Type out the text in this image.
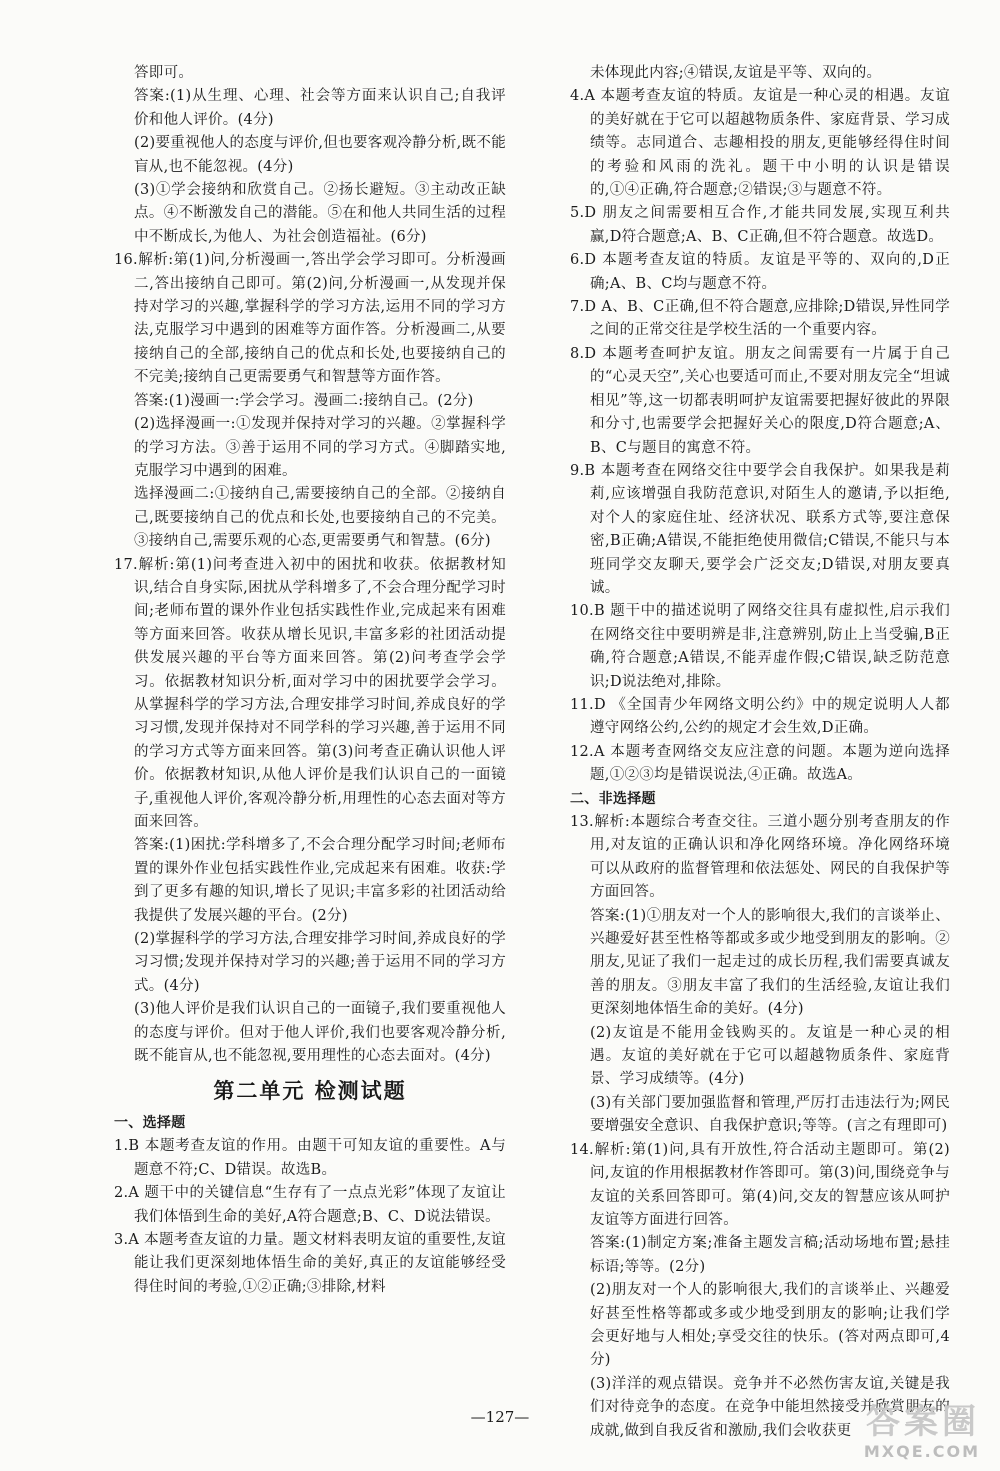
答即可。

答案:(1)从生理、心理、社会等方面来认识自己;自我评价和他人评价。(4分)

(2)要重视他人的态度与评价,但也要客观冷静分析,既不能盲从,也不能忽视。(4分)

(3)①学会接纳和欣赏自己。②扬长避短。③主动改正缺点。④不断激发自己的潜能。⑤在和他人共同生活的过程中不断成长,为他人、为社会创造福祉。(6分)

16.解析:第(1)问,分析漫画一,答出学会学习即可。分析漫画二,答出接纳自己即可。第(2)问,分析漫画一,从发现并保持对学习的兴趣,掌握科学的学习方法,运用不同的学习方法,克服学习中遇到的困难等方面作答。分析漫画二,从要接纳自己的全部,接纳自己的优点和长处,也要接纳自己的不完美;接纳自己更需要勇气和智慧等方面作答。

答案:(1)漫画一:学会学习。漫画二:接纳自己。(2分)

(2)选择漫画一:①发现并保持对学习的兴趣。②掌握科学的学习方法。③善于运用不同的学习方式。④脚踏实地,克服学习中遇到的困难。

选择漫画二:①接纳自己,需要接纳自己的全部。②接纳自己,既要接纳自己的优点和长处,也要接纳自己的不完美。③接纳自己,需要乐观的心态,更需要勇气和智慧。(6分)

17.解析:第(1)问考查进入初中的困扰和收获。依据教材知识,结合自身实际,困扰从学科增多了,不会合理分配学习时间;老师布置的课外作业包括实践性作业,完成起来有困难等方面来回答。收获从增长见识,丰富多彩的社团活动提供发展兴趣的平台等方面来回答。第(2)问考查学会学习。依据教材知识分析,面对学习中的困扰要学会学习。从掌握科学的学习方法,合理安排学习时间,养成良好的学习习惯,发现并保持对不同学科的学习兴趣,善于运用不同的学习方式等方面来回答。第(3)问考查正确认识他人评价。依据教材知识,从他人评价是我们认识自己的一面镜子,重视他人评价,客观冷静分析,用理性的心态去面对等方面来回答。

答案:(1)困扰:学科增多了,不会合理分配学习时间;老师布置的课外作业包括实践性作业,完成起来有困难。收获:学到了更多有趣的知识,增长了见识;丰富多彩的社团活动给我提供了发展兴趣的平台。(2分)

(2)掌握科学的学习方法,合理安排学习时间,养成良好的学习习惯;发现并保持对学习的兴趣;善于运用不同的学习方式。(4分)

(3)他人评价是我们认识自己的一面镜子,我们要重视他人的态度与评价。但对于他人评价,我们也要客观冷静分析,既不能盲从,也不能忽视,要用理性的心态去面对。(4分)

第二单元 检测试题

一、选择题

1.B 本题考查友谊的作用。由题干可知友谊的重要性。A与题意不符;C、D错误。故选B。

2.A 题干中的关键信息“生存有了一点点光彩”体现了友谊让我们体悟到生命的美好,A符合题意;B、C、D说法错误。

3.A 本题考查友谊的力量。题文材料表明友谊的重要性,友谊能让我们更深刻地体悟生命的美好,真正的友谊能够经受得住时间的考验,①②正确;③排除,材料

未体现此内容;④错误,友谊是平等、双向的。

4.A 本题考查友谊的特质。友谊是一种心灵的相遇。友谊的美好就在于它可以超越物质条件、家庭背景、学习成绩等。志同道合、志趣相投的朋友,更能够经得住时间的考验和风雨的洗礼。题干中小明的认识是错误的,①④正确,符合题意;②错误;③与题意不符。

5.D 朋友之间需要相互合作,才能共同发展,实现互利共赢,D符合题意;A、B、C正确,但不符合题意。故选D。

6.D 本题考查友谊的特质。友谊是平等的、双向的,D正确;A、B、C均与题意不符。

7.D A、B、C正确,但不符合题意,应排除;D错误,异性同学之间的正常交往是学校生活的一个重要内容。

8.D 本题考查呵护友谊。朋友之间需要有一片属于自己的“心灵天空”,关心也要适可而止,不要对朋友完全“坦诚相见”等,这一切都表明呵护友谊需要把握好彼此的界限和分寸,也需要学会把握好关心的限度,D符合题意;A、B、C与题目的寓意不符。

9.B 本题考查在网络交往中要学会自我保护。如果我是莉莉,应该增强自我防范意识,对陌生人的邀请,予以拒绝,对个人的家庭住址、经济状况、联系方式等,要注意保密,B正确;A错误,不能拒绝使用微信;C错误,不能只与本班同学交友聊天,要学会广泛交友;D错误,对朋友要真诚。

10.B 题干中的描述说明了网络交往具有虚拟性,启示我们在网络交往中要明辨是非,注意辨别,防止上当受骗,B正确,符合题意;A错误,不能弄虚作假;C错误,缺乏防范意识;D说法绝对,排除。

11.D 《全国青少年网络文明公约》中的规定说明人人都遵守网络公约,公约的规定才会生效,D正确。

12.A 本题考查网络交友应注意的问题。本题为逆向选择题,①②③均是错误说法,④正确。故选A。

二、非选择题

13.解析:本题综合考查交往。三道小题分别考查朋友的作用,对友谊的正确认识和净化网络环境。净化网络环境可以从政府的监督管理和依法惩处、网民的自我保护等方面回答。

答案:(1)①朋友对一个人的影响很大,我们的言谈举止、兴趣爱好甚至性格等都或多或少地受到朋友的影响。②朋友,见证了我们一起走过的成长历程,我们需要真诚友善的朋友。③朋友丰富了我们的生活经验,友谊让我们更深刻地体悟生命的美好。(4分)

(2)友谊是不能用金钱购买的。友谊是一种心灵的相遇。友谊的美好就在于它可以超越物质条件、家庭背景、学习成绩等。(4分)

(3)有关部门要加强监督和管理,严厉打击违法行为;网民要增强安全意识、自我保护意识;等等。(言之有理即可)

14.解析:第(1)问,具有开放性,符合活动主题即可。第(2)问,友谊的作用根据教材作答即可。第(3)问,围绕竞争与友谊的关系回答即可。第(4)问,交友的智慧应该从呵护友谊等方面进行回答。

答案:(1)制定方案;准备主题发言稿;活动场地布置;悬挂标语;等等。(2分)

(2)朋友对一个人的影响很大,我们的言谈举止、兴趣爱好甚至性格等都或多或少地受到朋友的影响;让我们学会更好地与人相处;享受交往的快乐。(答对两点即可,4分)

(3)洋洋的观点错误。竞争并不必然伤害友谊,关键是我们对待竞争的态度。在竞争中能坦然接受并欣赏朋友的成就,做到自我反省和激励,我们会收获更

—127—	答案圈
MXQE.COM
